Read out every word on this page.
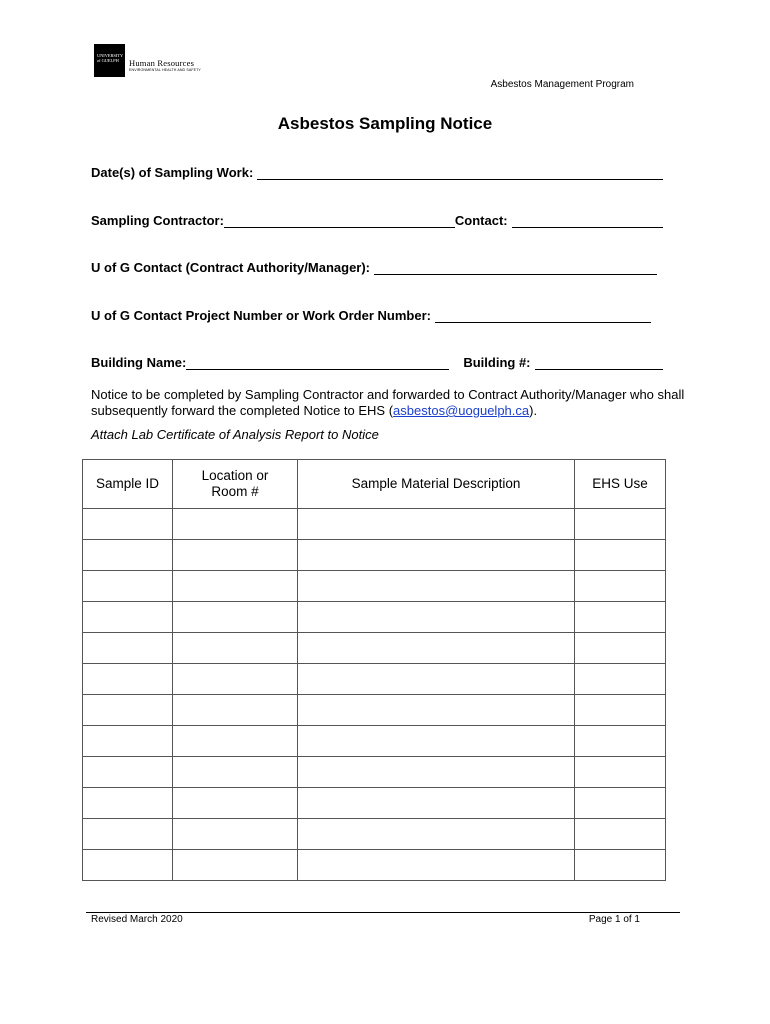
UNIVERSITY of GUELPH	Human Resources
ENVIRONMENTAL HEALTH AND SAFETY
Asbestos Management Program
Asbestos Sampling Notice
Date(s) of Sampling Work:
Sampling Contractor:	Contact:
U of G Contact (Contract Authority/Manager):
U of G Contact Project Number or Work Order Number:
Building Name:	Building #:
Notice to be completed by Sampling Contractor and forwarded to Contract Authority/Manager who shall subsequently forward the completed Notice to EHS (asbestos@uoguelph.ca).
Attach Lab Certificate of Analysis Report to Notice
Sample ID	Location or Room #	Sample Material Description	EHS Use

Revised March 2020	Page 1 of 1
